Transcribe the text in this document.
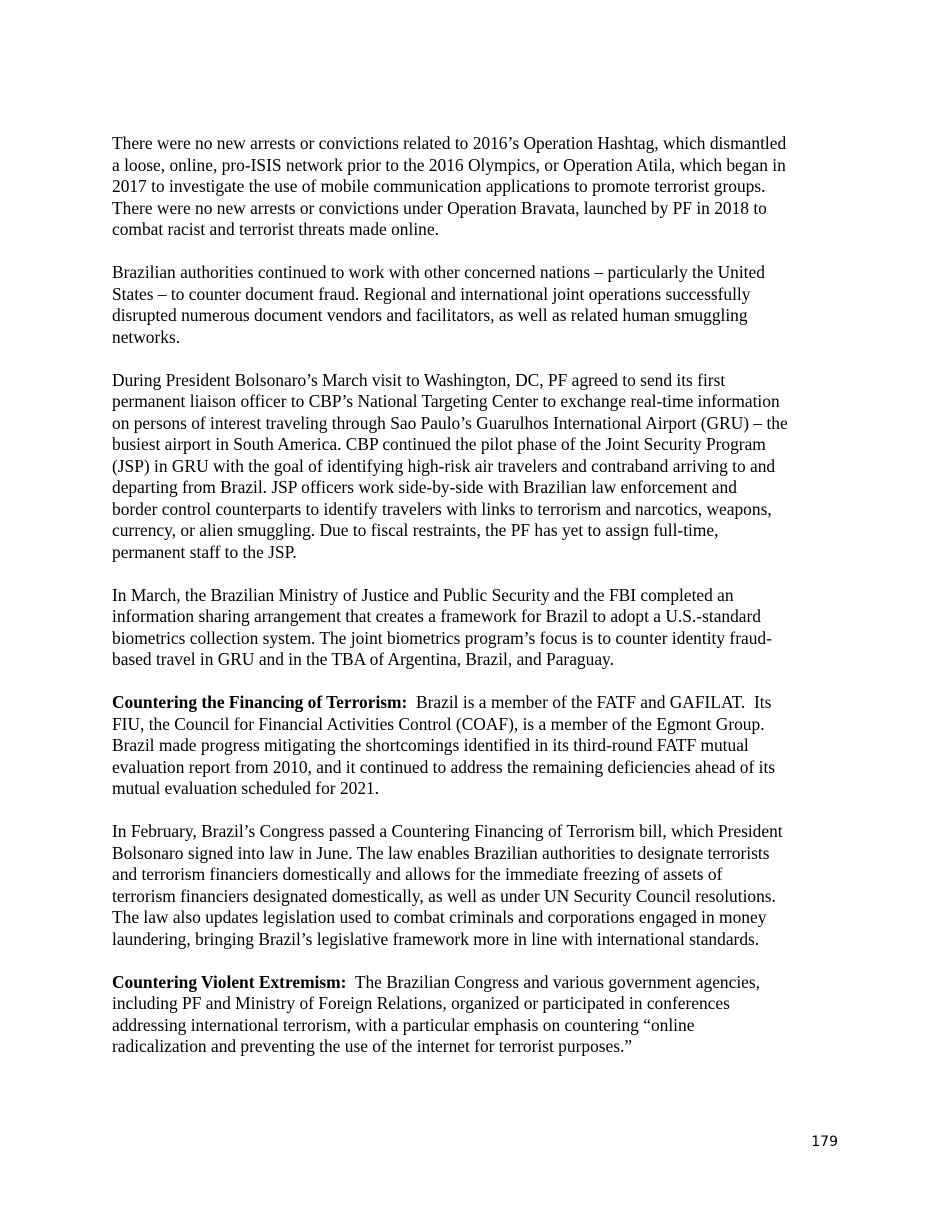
There were no new arrests or convictions related to 2016’s Operation Hashtag, which dismantled
a loose, online, pro-ISIS network prior to the 2016 Olympics, or Operation Atila, which began in
2017 to investigate the use of mobile communication applications to promote terrorist groups.
There were no new arrests or convictions under Operation Bravata, launched by PF in 2018 to
combat racist and terrorist threats made online.

Brazilian authorities continued to work with other concerned nations – particularly the United
States – to counter document fraud. Regional and international joint operations successfully
disrupted numerous document vendors and facilitators, as well as related human smuggling
networks.

During President Bolsonaro’s March visit to Washington, DC, PF agreed to send its first
permanent liaison officer to CBP’s National Targeting Center to exchange real-time information
on persons of interest traveling through Sao Paulo’s Guarulhos International Airport (GRU) – the
busiest airport in South America. CBP continued the pilot phase of the Joint Security Program
(JSP) in GRU with the goal of identifying high-risk air travelers and contraband arriving to and
departing from Brazil. JSP officers work side-by-side with Brazilian law enforcement and
border control counterparts to identify travelers with links to terrorism and narcotics, weapons,
currency, or alien smuggling. Due to fiscal restraints, the PF has yet to assign full-time,
permanent staff to the JSP.

In March, the Brazilian Ministry of Justice and Public Security and the FBI completed an
information sharing arrangement that creates a framework for Brazil to adopt a U.S.-standard
biometrics collection system. The joint biometrics program’s focus is to counter identity fraud-
based travel in GRU and in the TBA of Argentina, Brazil, and Paraguay.

Countering the Financing of Terrorism:  Brazil is a member of the FATF and GAFILAT.  Its
FIU, the Council for Financial Activities Control (COAF), is a member of the Egmont Group.
Brazil made progress mitigating the shortcomings identified in its third-round FATF mutual
evaluation report from 2010, and it continued to address the remaining deficiencies ahead of its
mutual evaluation scheduled for 2021.

In February, Brazil’s Congress passed a Countering Financing of Terrorism bill, which President
Bolsonaro signed into law in June. The law enables Brazilian authorities to designate terrorists
and terrorism financiers domestically and allows for the immediate freezing of assets of
terrorism financiers designated domestically, as well as under UN Security Council resolutions.
The law also updates legislation used to combat criminals and corporations engaged in money
laundering, bringing Brazil’s legislative framework more in line with international standards.

Countering Violent Extremism:  The Brazilian Congress and various government agencies,
including PF and Ministry of Foreign Relations, organized or participated in conferences
addressing international terrorism, with a particular emphasis on countering “online
radicalization and preventing the use of the internet for terrorist purposes.”

179
